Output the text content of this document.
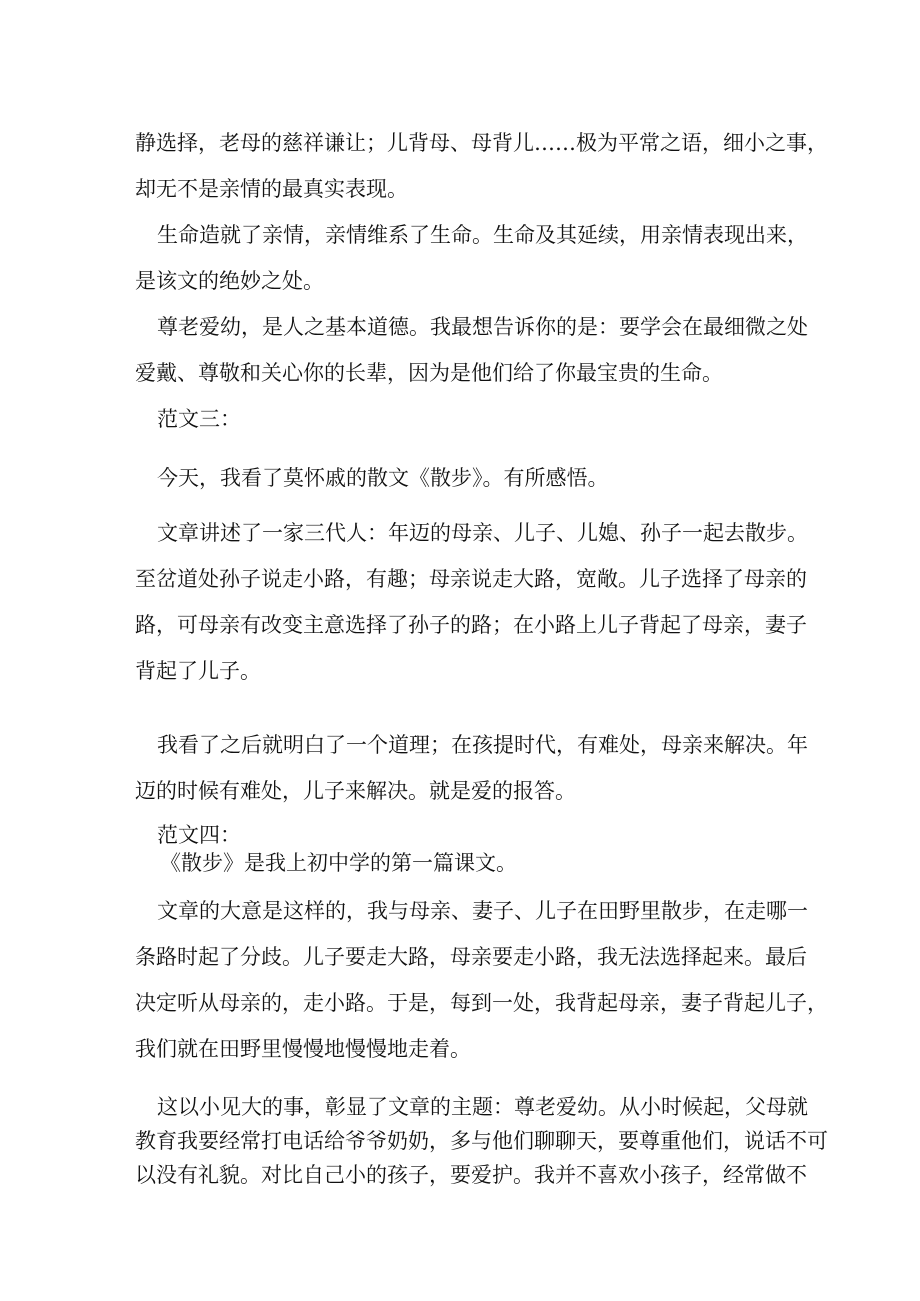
静选择，老母的慈祥谦让；儿背母、母背儿……极为平常之语，细小之事，
却无不是亲情的最真实表现。
生命造就了亲情，亲情维系了生命。生命及其延续，用亲情表现出来，
是该文的绝妙之处。
尊老爱幼，是人之基本道德。我最想告诉你的是：要学会在最细微之处
爱戴、尊敬和关心你的长辈，因为是他们给了你最宝贵的生命。
范文三：
今天，我看了莫怀戚的散文《散步》。有所感悟。
文章讲述了一家三代人：年迈的母亲、儿子、儿媳、孙子一起去散步。
至岔道处孙子说走小路，有趣；母亲说走大路，宽敞。儿子选择了母亲的
路，可母亲有改变主意选择了孙子的路；在小路上儿子背起了母亲，妻子
背起了儿子。
我看了之后就明白了一个道理；在孩提时代，有难处，母亲来解决。年
迈的时候有难处，儿子来解决。就是爱的报答。
范文四：
《散步》是我上初中学的第一篇课文。
文章的大意是这样的，我与母亲、妻子、儿子在田野里散步，在走哪一
条路时起了分歧。儿子要走大路，母亲要走小路，我无法选择起来。最后
决定听从母亲的，走小路。于是，每到一处，我背起母亲，妻子背起儿子，
我们就在田野里慢慢地慢慢地走着。
这以小见大的事，彰显了文章的主题：尊老爱幼。从小时候起，父母就
教育我要经常打电话给爷爷奶奶，多与他们聊聊天，要尊重他们，说话不可
以没有礼貌。对比自己小的孩子，要爱护。我并不喜欢小孩子，经常做不
